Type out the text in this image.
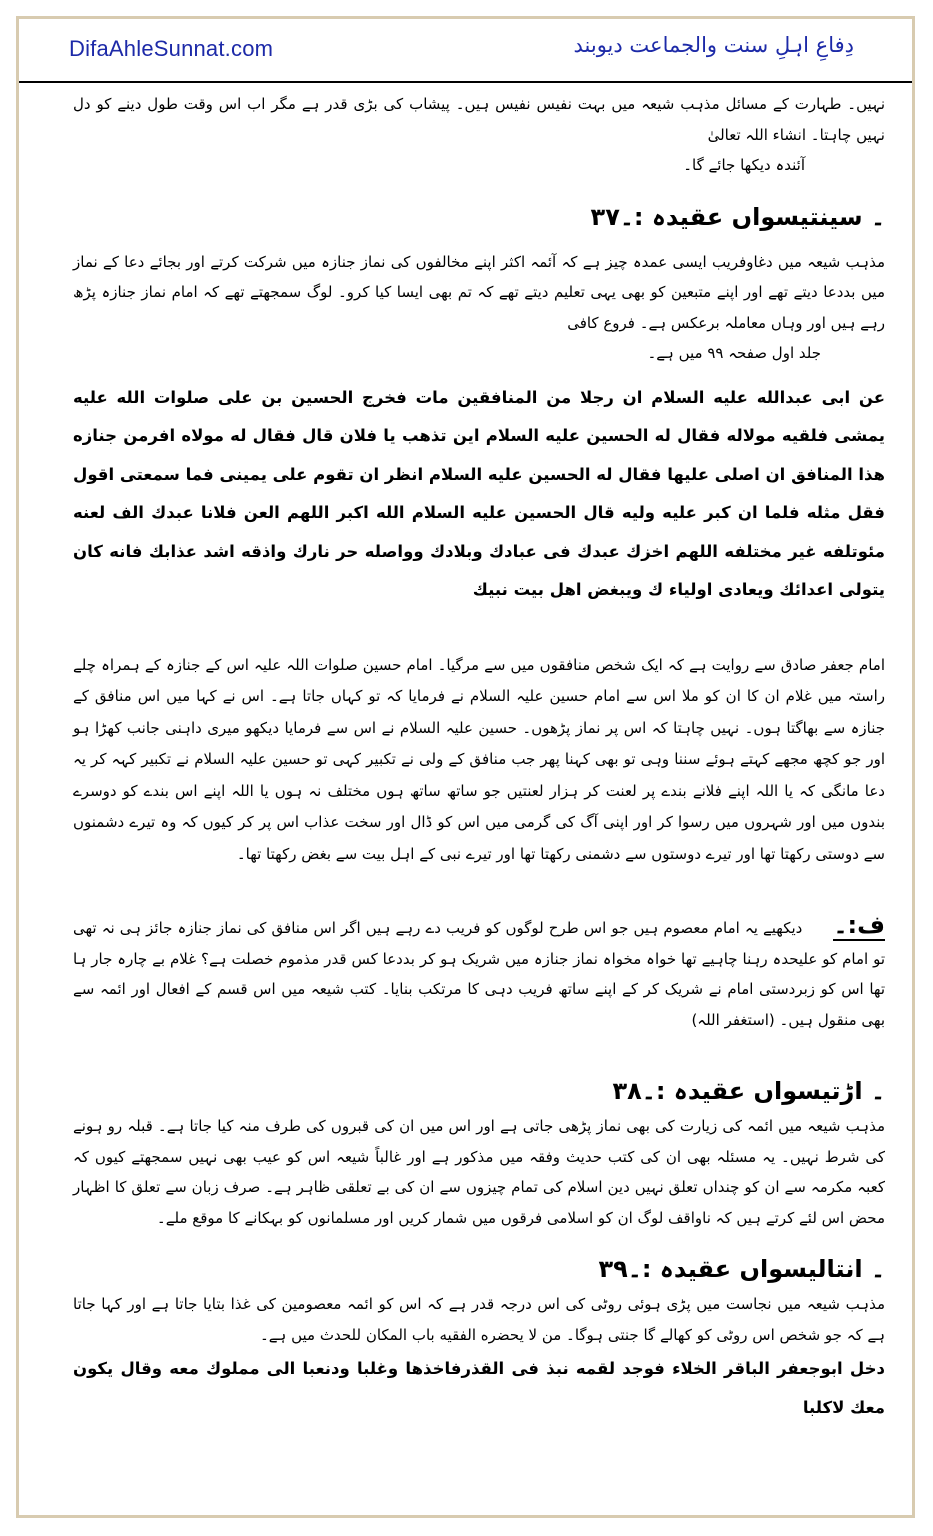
DifaAhleSunnat.com	دِفاعِ اہلِ سنت والجماعت دیوبند

نہیں۔ طہارت کے مسائل مذہب شیعہ میں بہت نفیس نفیس ہیں۔ پیشاب کی بڑی قدر ہے مگر اب اس وقت طول دینے کو دل نہیں چاہتا۔ انشاء اللہ تعالیٰ

آئندہ دیکھا جائے گا۔

۳۷۔ سینتیسواں عقیدہ :۔

مذہب شیعہ میں دغاوفریب ایسی عمدہ چیز ہے کہ آئمہ اکثر اپنے مخالفوں کی نماز جنازہ میں شرکت کرتے اور بجائے دعا کے نماز میں بددعا دیتے تھے اور اپنے متبعین کو بھی یہی تعلیم دیتے تھے کہ تم بھی ایسا کیا کرو۔ لوگ سمجھتے تھے کہ امام نماز جنازہ پڑھ رہے ہیں اور وہاں معاملہ برعکس ہے۔ فروع کافی

جلد اول صفحہ ۹۹ میں ہے۔

عن ابی عبدالله عليه السلام ان رجلا من المنافقين مات فخرج الحسين بن علی صلوات الله عليه يمشی فلقيه مولاله فقال له الحسين عليه السلام اين تذهب يا فلان قال فقال له مولاه افرمن جنازه هذا المنافق ان اصلی عليها فقال له الحسين عليه السلام انظر ان تقوم علی يمينی فما سمعتی اقول فقل مثله فلما ان كبر عليه وليه قال الحسين عليه السلام الله اكبر اللهم العن فلانا عبدك الف لعنه مئوتلفه غير مختلفه اللهم اخزك عبدك فی عبادك وبلادك وواصله حر نارك واذقه اشد عذابك فانه كان يتولی اعدائك ويعادی اولياء ك ويبغض اهل بيت نبيك

امام جعفر صادق سے روایت ہے کہ ایک شخص منافقوں میں سے مرگیا۔ امام حسین صلوات اللہ علیہ اس کے جنازہ کے ہمراہ چلے راستہ میں غلام ان کا ان کو ملا اس سے امام حسین علیہ السلام نے فرمایا کہ تو کہاں جاتا ہے۔ اس نے کہا میں اس منافق کے جنازہ سے بھاگتا ہوں۔ نہیں چاہتا کہ اس پر نماز پڑھوں۔ حسین علیہ السلام نے اس سے فرمایا دیکھو میری داہنی جانب کھڑا ہو اور جو کچھ مجھے کہتے ہوئے سننا وہی تو بھی کہنا پھر جب منافق کے ولی نے تکبیر کہی تو حسین علیہ السلام نے تکبیر کہہ کر یہ دعا مانگی کہ یا اللہ اپنے فلانے بندے پر لعنت کر ہزار لعنتیں جو ساتھ ساتھ ہوں مختلف نہ ہوں یا اللہ اپنے اس بندے کو دوسرے بندوں میں اور شہروں میں رسوا کر اور اپنی آگ کی گرمی میں اس کو ڈال اور سخت عذاب اس پر کر کیوں کہ وہ تیرے دشمنوں سے دوستی رکھتا تھا اور تیرے دوستوں سے دشمنی رکھتا تھا اور تیرے نبی کے اہل بیت سے بغض رکھتا تھا۔

ف:۔ دیکھیے یہ امام معصوم ہیں جو اس طرح لوگوں کو فریب دے رہے ہیں اگر اس منافق کی نماز جنازہ جائز ہی نہ تھی تو امام کو علیحدہ رہنا چاہیے تھا خواہ مخواہ نماز جنازہ میں شریک ہو کر بددعا کس قدر مذموم خصلت ہے؟ غلام بے چارہ جار ہا تھا اس کو زبردستی امام نے شریک کر کے اپنے ساتھ فریب دہی کا مرتکب بنایا۔ کتب شیعہ میں اس قسم کے افعال اور ائمہ سے بھی منقول ہیں۔ (استغفر اللہ)

۳۸۔ اڑتیسواں عقیدہ :۔

مذہب شیعہ میں ائمہ کی زیارت کی بھی نماز پڑھی جاتی ہے اور اس میں ان کی قبروں کی طرف منہ کیا جاتا ہے۔ قبلہ رو ہونے کی شرط نہیں۔ یہ مسئلہ بھی ان کی کتب حدیث وفقہ میں مذکور ہے اور غالباً شیعہ اس کو عیب بھی نہیں سمجھتے کیوں کہ کعبہ مکرمہ سے ان کو چنداں تعلق نہیں دین اسلام کی تمام چیزوں سے ان کی بے تعلقی ظاہر ہے۔ صرف زبان سے تعلق کا اظہار محض اس لئے کرتے ہیں کہ ناواقف لوگ ان کو اسلامی فرقوں میں شمار کریں اور مسلمانوں کو بہکانے کا موقع ملے۔

۳۹۔ انتالیسواں عقیدہ :۔

مذہب شیعہ میں نجاست میں پڑی ہوئی روٹی کی اس درجہ قدر ہے کہ اس کو ائمہ معصومین کی غذا بتایا جاتا ہے اور کہا جاتا ہے کہ جو شخص اس روٹی کو کھالے گا جنتی ہوگا۔ من لا يحضره الفقيه باب المكان للحدث میں ہے۔

دخل ابوجعفر الباقر الخلاء فوجد لقمه نبذ فی القذرفاخذها وغلبا ودنعبا الی مملوك معه وقال يكون معك لاكلبا
